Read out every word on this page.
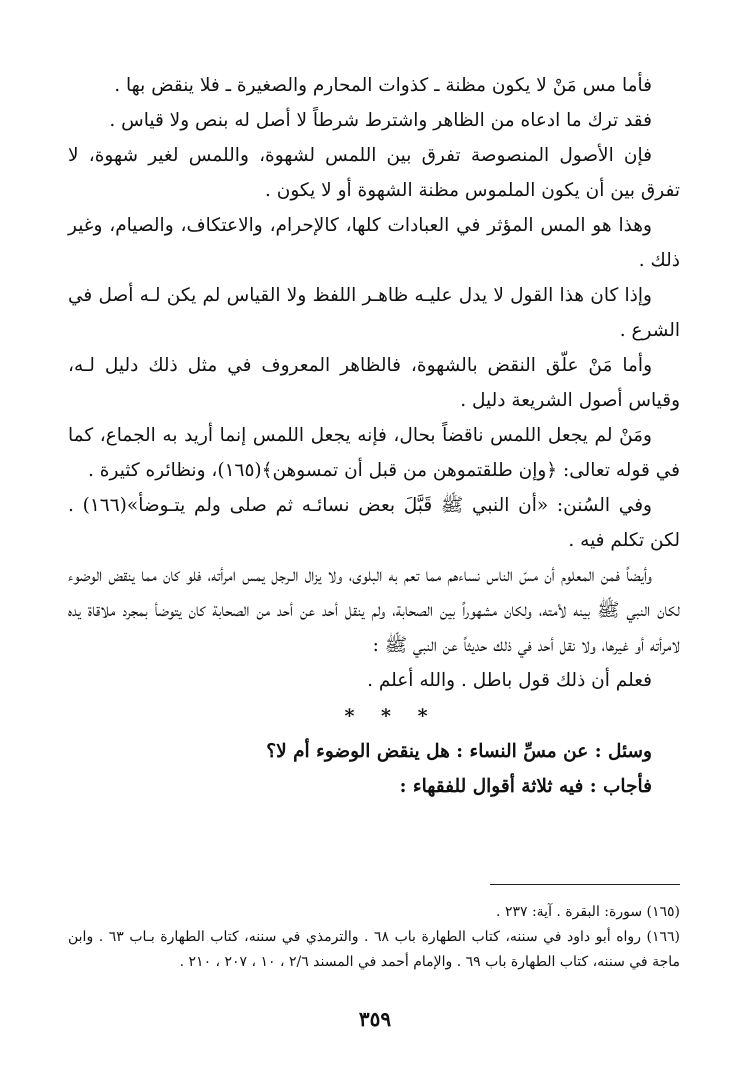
فأما مس مَنْ لا يكون مظنة ـ كذوات المحارم والصغيرة ـ فلا ينقض بها .

فقد ترك ما ادعاه من الظاهر واشترط شرطاً لا أصل له بنص ولا قياس .

فإن الأصول المنصوصة تفرق بين اللمس لشهوة، واللمس لغير شهوة، لا تفرق بين أن يكون الملموس مظنة الشهوة أو لا يكون .

وهذا هو المس المؤثر في العبادات كلها، كالإحرام، والاعتكاف، والصيام، وغير ذلك .

وإذا كان هذا القول لا يدل عليـه ظاهـر اللفظ ولا القياس لم يكن لـه أصل في الشرع .

وأما مَنْ علّق النقض بالشهوة، فالظاهر المعروف في مثل ذلك دليل لـه، وقياس أصول الشريعة دليل .

ومَنْ لم يجعل اللمس ناقضاً بحال، فإنه يجعل اللمس إنما أريد به الجماع، كما في قوله تعالى: ﴿وإن طلقتموهن من قبل أن تمسوهن﴾(١٦٥)، ونظائره كثيرة .

وفي السُنن: «أن النبي ﷺ قَبَّلَ بعض نسائـه ثم صلى ولم يتـوضأ»(١٦٦) . لكن تكلم فيه .

وأيضاً فمن المعلوم أن مسّ الناس نساءهم مما تعم به البلوى، ولا يزال الـرجل يمس امرأته، فلو كان مما ينقض الوضوء لكان النبي ﷺ بينه لأمته، ولكان مشهوراً بين الصحابة، ولم ينقل أحد عن أحد من الصحابة كان يتوضأ بمجرد ملاقاة يده لامرأته أو غيرها، ولا نقل أحد في ذلك حديثاً عن النبي ﷺ :

فعلم أن ذلك قول باطل . والله أعلم .

* * *

وسئل : عن مسِّ النساء : هل ينقض الوضوء أم لا؟

فأجاب : فيه ثلاثة أقوال للفقهاء :

(١٦٥) سورة: البقرة . آية: ٢٣٧ .

(١٦٦) رواه أبو داود في سننه، كتاب الطهارة باب ٦٨ . والترمذي في سننه، كتاب الطهارة بـاب ٦٣ . وابن ماجة في سننه، كتاب الطهارة باب ٦٩ . والإمام أحمد في المسند ٢/٦ ، ١٠ ، ٢٠٧ ، ٢١٠ .

٣٥٩
